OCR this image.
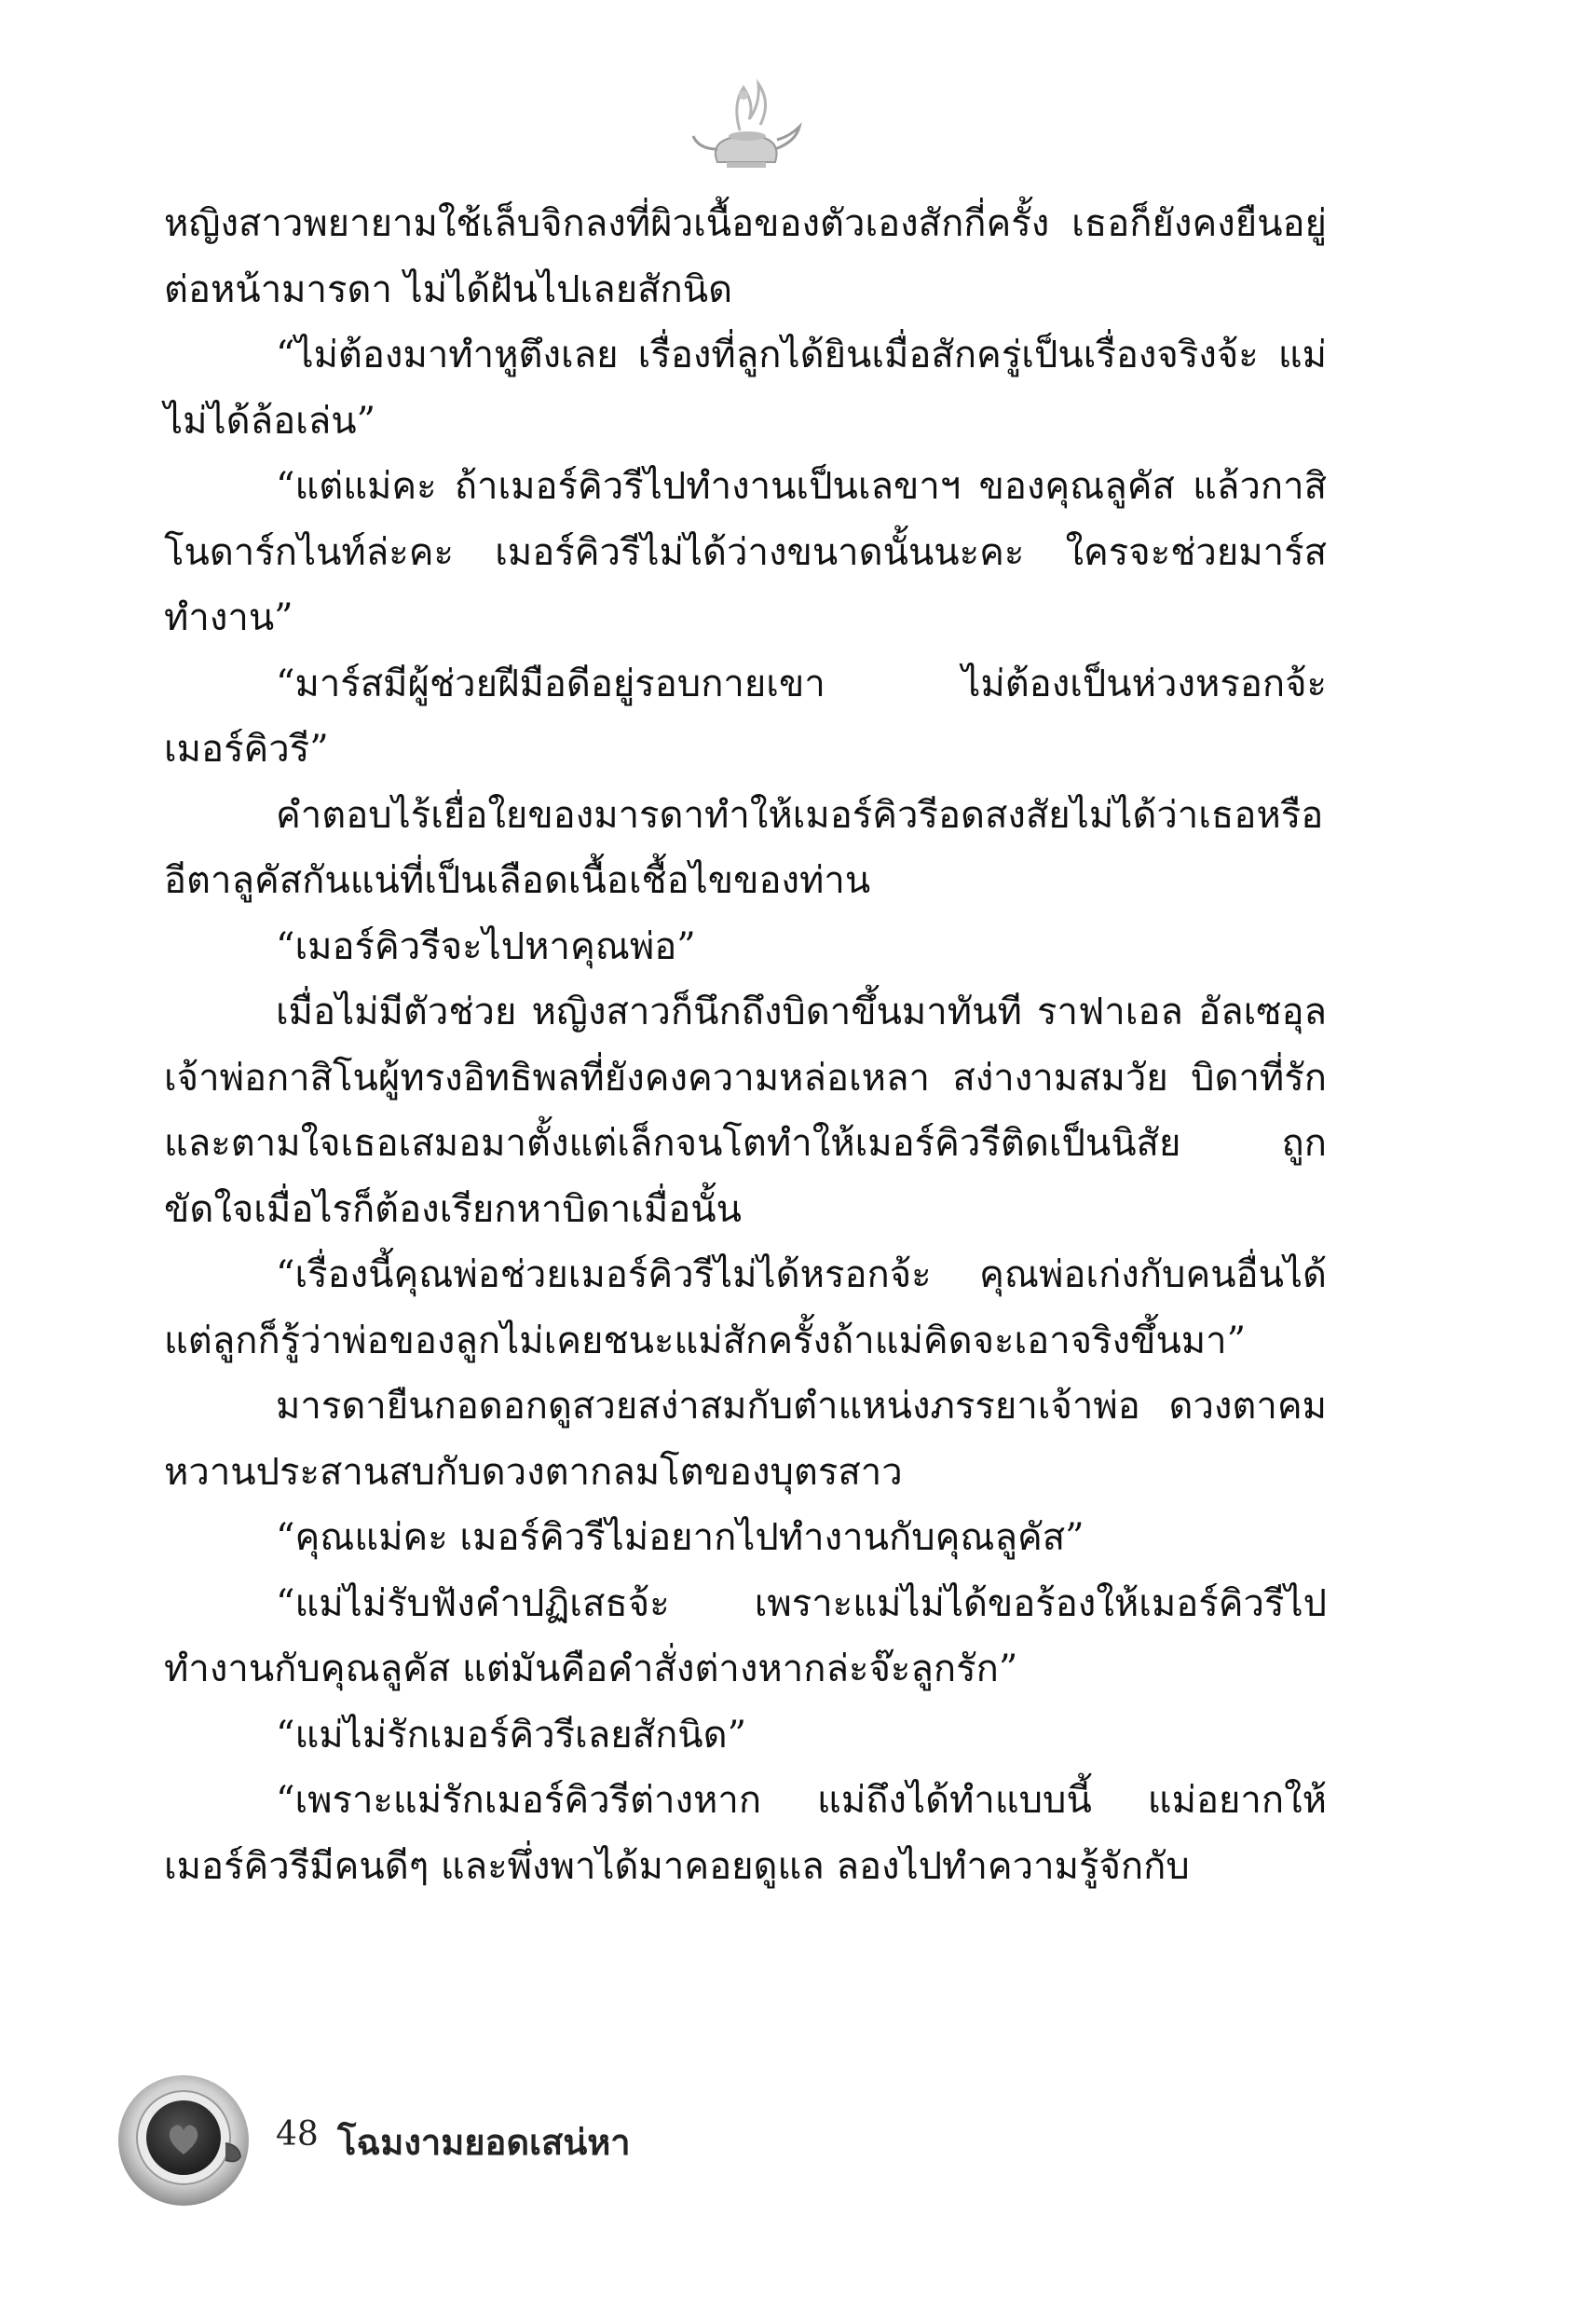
หญิงสาวพยายามใช้เล็บจิกลงที่ผิวเนื้อของตัวเองสักกี่ครั้ง เธอก็ยังคงยืนอยู่ต่อหน้ามารดา ไม่ได้ฝันไปเลยสักนิด

“ไม่ต้องมาทำหูตึงเลย เรื่องที่ลูกได้ยินเมื่อสักครู่เป็นเรื่องจริงจ้ะ แม่ไม่ได้ล้อเล่น”

“แต่แม่คะ ถ้าเมอร์คิวรีไปทำงานเป็นเลขาฯ ของคุณลูคัส แล้วกาสิโนดาร์กไนท์ล่ะคะ เมอร์คิวรีไม่ได้ว่างขนาดนั้นนะคะ ใครจะช่วยมาร์สทำงาน”

“มาร์สมีผู้ช่วยฝีมือดีอยู่รอบกายเขา ไม่ต้องเป็นห่วงหรอกจ้ะ เมอร์คิวรี”

คำตอบไร้เยื่อใยของมารดาทำให้เมอร์คิวรีอดสงสัยไม่ได้ว่าเธอหรืออีตาลูคัสกันแน่ที่เป็นเลือดเนื้อเชื้อไขของท่าน

“เมอร์คิวรีจะไปหาคุณพ่อ”

เมื่อไม่มีตัวช่วย หญิงสาวก็นึกถึงบิดาขึ้นมาทันที ราฟาเอล อัลเซอุล เจ้าพ่อกาสิโนผู้ทรงอิทธิพลที่ยังคงความหล่อเหลา สง่างามสมวัย บิดาที่รักและตามใจเธอเสมอมาตั้งแต่เล็กจนโตทำให้เมอร์คิวรีติดเป็นนิสัย ถูกขัดใจเมื่อไรก็ต้องเรียกหาบิดาเมื่อนั้น

“เรื่องนี้คุณพ่อช่วยเมอร์คิวรีไม่ได้หรอกจ้ะ คุณพ่อเก่งกับคนอื่นได้ แต่ลูกก็รู้ว่าพ่อของลูกไม่เคยชนะแม่สักครั้งถ้าแม่คิดจะเอาจริงขึ้นมา”

มารดายืนกอดอกดูสวยสง่าสมกับตำแหน่งภรรยาเจ้าพ่อ ดวงตาคมหวานประสานสบกับดวงตากลมโตของบุตรสาว

“คุณแม่คะ เมอร์คิวรีไม่อยากไปทำงานกับคุณลูคัส”

“แม่ไม่รับฟังคำปฏิเสธจ้ะ เพราะแม่ไม่ได้ขอร้องให้เมอร์คิวรีไปทำงานกับคุณลูคัส แต่มันคือคำสั่งต่างหากล่ะจ๊ะลูกรัก”

“แม่ไม่รักเมอร์คิวรีเลยสักนิด”

“เพราะแม่รักเมอร์คิวรีต่างหาก แม่ถึงได้ทำแบบนี้ แม่อยากให้เมอร์คิวรีมีคนดีๆ และพึ่งพาได้มาคอยดูแล ลองไปทำความรู้จักกับ

48 โฉมงามยอดเสน่หา
